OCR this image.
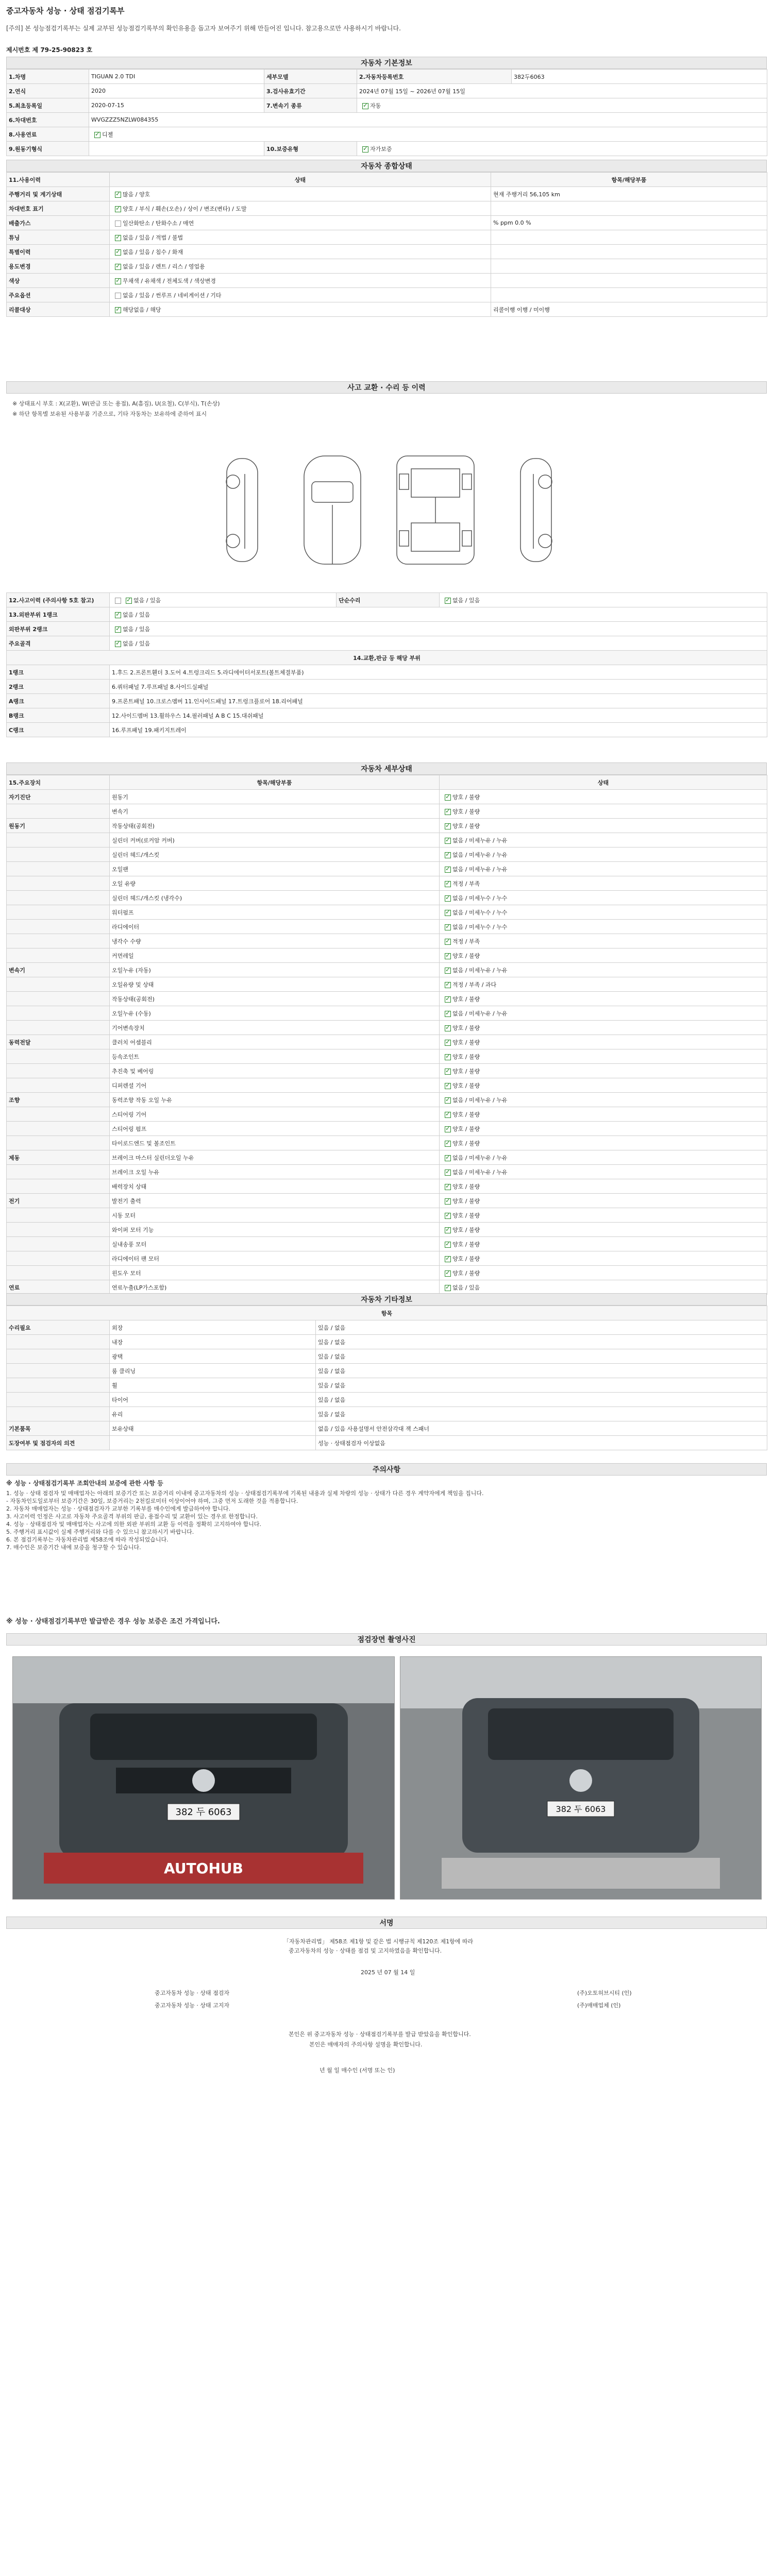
중고자동차 성능 · 상태 점검기록부
[주의] 본 성능점검기록부는 실제 교부된 성능점검기록부의 확인유용을 돕고자 보여주기 위해 만들어진 입니다. 참고용으로만 사용하시기 바랍니다.
제시번호 제 79-25-90823 호
자동차 기본정보
1.차명	TIGUAN 2.0 TDI	세부모델	2.자동차등록번호	382두6063
2.연식	2020	3.검사유효기간	2024년 07월 15일 ~ 2026년 07월 15일	
5.최초등록일	2020-07-15	7.변속기 종류	✓자동
6.차대번호	WVGZZZ5NZLW084355			
8.사용연료	✓디젤
9.원동기형식		10.보증유형	✓자가보증
자동차 종합상태
11.사용이력	상태	항목/해당부품
주행거리 및 계기상태	✓많음 / 양호	현재 주행거리 56,105 km
차대번호 표기	✓양호 / 부식 / 훼손(오손) / 상이 / 변조(변타) / 도말	
배출가스	일산화탄소 / 탄화수소 / 매연	% ppm 0.0 %
튜닝	✓없음 / 있음 / 적법 / 불법	
특별이력	✓없음 / 있음 / 침수 / 화재	
용도변경	✓없음 / 있음 / 렌트 / 리스 / 영업용	
색상	✓무채색 / 유채색 / 전체도색 / 색상변경	
주요옵션	없음 / 있음 / 썬루프 / 네비게이션 / 기타	
리콜대상	✓해당없음 / 해당	리콜이행 이행 / 미이행
사고 교환 · 수리 등 이력
※ 상태표시 부호 : X(교환), W(판금 또는 용접), A(흠집), U(요철), C(부식), T(손상)
※ 하단 항목별 보유된 사용부품 기준으로, 기타 자동차는 보유하에 준하여 표시
12.사고이력 (주의사항 5호 참고)	✓없음 / 있음	단순수리	✓없음 / 있음
13.외판부위 1랭크	✓없음 / 있음
외판부위 2랭크	✓없음 / 있음
주요골격	✓없음 / 있음
14.교환,판금 등 해당 부위			
1랭크	1.후드 2.프론트휀더 3.도어 4.트렁크리드 5.라디에이터서포트(볼트체결부품)		
2랭크	6.쿼터패널 7.루프패널 8.사이드실패널		
A랭크	9.프론트패널 10.크로스멤버 11.인사이드패널 17.트렁크플로어 18.리어패널		
B랭크	12.사이드멤버 13.휠하우스 14.필러패널 A B C 15.대쉬패널		
C랭크	16.루프패널 19.패키지트레이		
자동차 세부상태
15.주요장치	항목/해당부품	상태
자기진단	원동기	✓양호 / 불량
	변속기	✓양호 / 불량
원동기	작동상태(공회전)	✓양호 / 불량
	실린더 커버(로커암 커버)	✓없음 / 미세누유 / 누유
	실린더 헤드/개스킷	✓없음 / 미세누유 / 누유
	오일팬	✓없음 / 미세누유 / 누유
	오일 유량	✓적정 / 부족
	실린더 헤드/개스킷 (냉각수)	✓없음 / 미세누수 / 누수
	워터펌프	✓없음 / 미세누수 / 누수
	라디에이터	✓없음 / 미세누수 / 누수
	냉각수 수량	✓적정 / 부족
	커먼레일	✓양호 / 불량
변속기	오일누유 (자동)	✓없음 / 미세누유 / 누유
	오일유량 및 상태	✓적정 / 부족 / 과다
	작동상태(공회전)	✓양호 / 불량
	오일누유 (수동)	✓없음 / 미세누유 / 누유
	기어변속장치	✓양호 / 불량
동력전달	클러치 어셈블리	✓양호 / 불량
	등속조인트	✓양호 / 불량
	추진축 및 베어링	✓양호 / 불량
	디퍼렌셜 기어	✓양호 / 불량
조향	동력조향 작동 오일 누유	✓없음 / 미세누유 / 누유
	스티어링 기어	✓양호 / 불량
	스티어링 펌프	✓양호 / 불량
	타이로드엔드 및 볼조인트	✓양호 / 불량
제동	브레이크 마스터 실린더오일 누유	✓없음 / 미세누유 / 누유
	브레이크 오일 누유	✓없음 / 미세누유 / 누유
	배력장치 상태	✓양호 / 불량
전기	발전기 출력	✓양호 / 불량
	시동 모터	✓양호 / 불량
	와이퍼 모터 기능	✓양호 / 불량
	실내송풍 모터	✓양호 / 불량
	라디에이터 팬 모터	✓양호 / 불량
	윈도우 모터	✓양호 / 불량
연료	연료누출(LP가스포함)	✓없음 / 있음
자동차 기타정보
항목		
수리필요	외장	있음 / 없음
	내장	있음 / 없음
	광택	있음 / 없음
	룸 클리닝	있음 / 없음
	휠	있음 / 없음
	타이어	있음 / 없음
	유리	있음 / 없음
기본품목	보유상태	없음 / 있음 사용설명서 안전삼각대 잭 스패너
도장여부 및 점검자의 의견		성능 · 상태점검자 이상없음
주의사항
※ 성능 · 상태점검기록부 조회안내의 보증에 관한 사항 등
1. 성능 · 상태 점검자 및 매매업자는 아래의 보증기간 또는 보증거리 이내에 중고자동차의 성능 · 상태점검기록부에 기록된 내용과 실제 차량의 성능 · 상태가 다른 경우 계약자에게 책임을 집니다.
- 자동차인도일로부터 보증기간은 30일, 보증거리는 2천킬로미터 이상이어야 하며, 그중 먼저 도래한 것을 적용합니다.
2. 자동차 매매업자는 성능 · 상태점검자가 교부한 기록부를 매수인에게 발급하여야 합니다.
3. 사고이력 인정은 사고로 자동차 주요골격 부위의 판금, 용접수리 및 교환이 있는 경우로 한정합니다.
4. 성능 · 상태점검자 및 매매업자는 사고에 의한 외판 부위의 교환 등 이력을 정확히 고지하여야 합니다.
5. 주행거리 표시값이 실제 주행거리와 다를 수 있으니 참고하시기 바랍니다.
6. 본 점검기록부는 자동차관리법 제58조에 따라 작성되었습니다.
7. 매수인은 보증기간 내에 보증을 청구할 수 있습니다.
※ 성능 · 상태점검기록부만 발급받은 경우 성능 보증은 조건 가격입니다.
점검장면 촬영사진
382 두 6063
AUTOHUB
382 두 6063
서명
「자동차관리법」 제58조 제1항 및 같은 법 시행규칙 제120조 제1항에 따라
중고자동차의 성능 · 상태를 점검 및 고지하였음을 확인합니다.
2025 년 07 월 14 일
중고자동차 성능 · 상태 점검자	(주)오토허브시티 (인)
중고자동차 성능 · 상태 고지자	(주)매매업체 (인)
본인은 위 중고자동차 성능 · 상태점검기록부를 발급 받았음을 확인합니다.
본인은 매매자의 주의사항 설명을 확인합니다.
년 월 일 매수인 (서명 또는 인)
